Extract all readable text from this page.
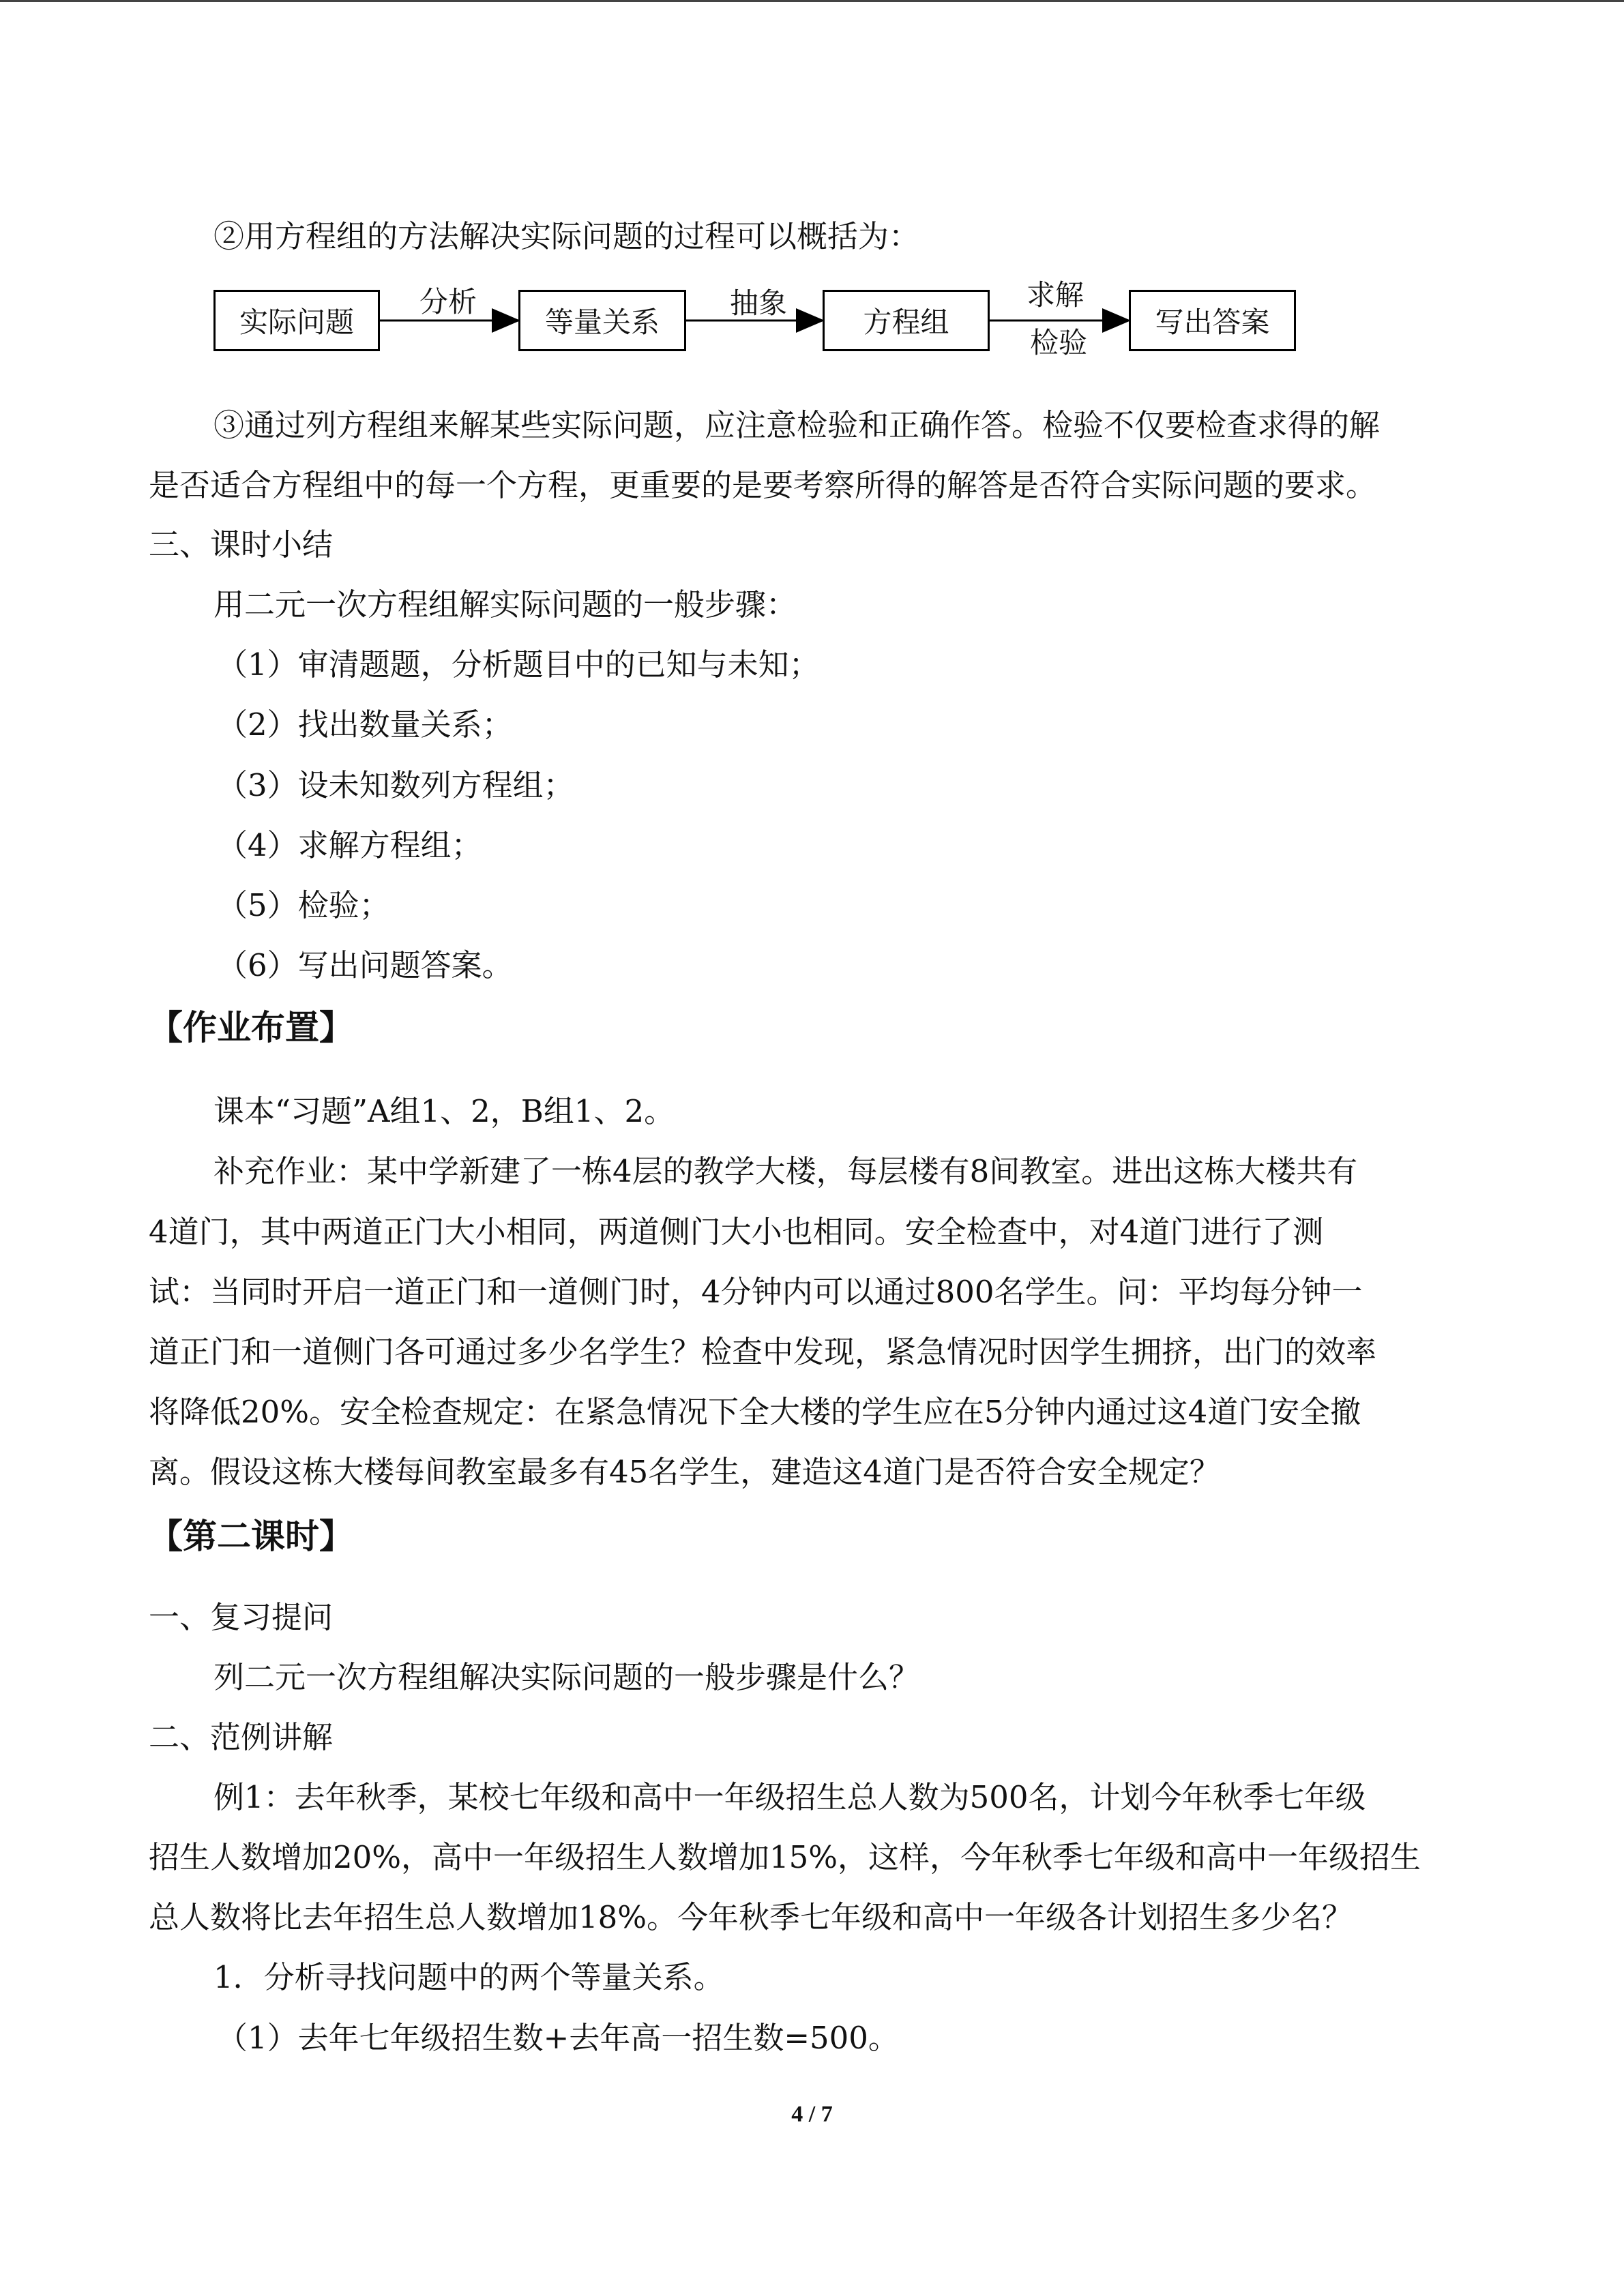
②用方程组的方法解决实际问题的过程可以概括为：
实际问题	等量关系	方程组	写出答案
分析	抽象	求解
检验
③通过列方程组来解某些实际问题，应注意检验和正确作答。检验不仅要检查求得的解
是否适合方程组中的每一个方程，更重要的是要考察所得的解答是否符合实际问题的要求。
三、课时小结
用二元一次方程组解实际问题的一般步骤：
（1）审清题题，分析题目中的已知与未知；
（2）找出数量关系；
（3）设未知数列方程组；
（4）求解方程组；
（5）检验；
（6）写出问题答案。
【作业布置】
课本“习题”A组1、2，B组1、2。
补充作业：某中学新建了一栋4层的教学大楼，每层楼有8间教室。进出这栋大楼共有
4道门，其中两道正门大小相同，两道侧门大小也相同。安全检查中，对4道门进行了测
试：当同时开启一道正门和一道侧门时，4分钟内可以通过800名学生。问：平均每分钟一
道正门和一道侧门各可通过多少名学生？检查中发现，紧急情况时因学生拥挤，出门的效率
将降低20%。安全检查规定：在紧急情况下全大楼的学生应在5分钟内通过这4道门安全撤
离。假设这栋大楼每间教室最多有45名学生，建造这4道门是否符合安全规定？
【第二课时】
一、复习提问
列二元一次方程组解决实际问题的一般步骤是什么？
二、范例讲解
例1：去年秋季，某校七年级和高中一年级招生总人数为500名，计划今年秋季七年级
招生人数增加20%，高中一年级招生人数增加15%，这样，今年秋季七年级和高中一年级招生
总人数将比去年招生总人数增加18%。今年秋季七年级和高中一年级各计划招生多少名？
1．分析寻找问题中的两个等量关系。
（1）去年七年级招生数+去年高一招生数=500。
4 / 7
